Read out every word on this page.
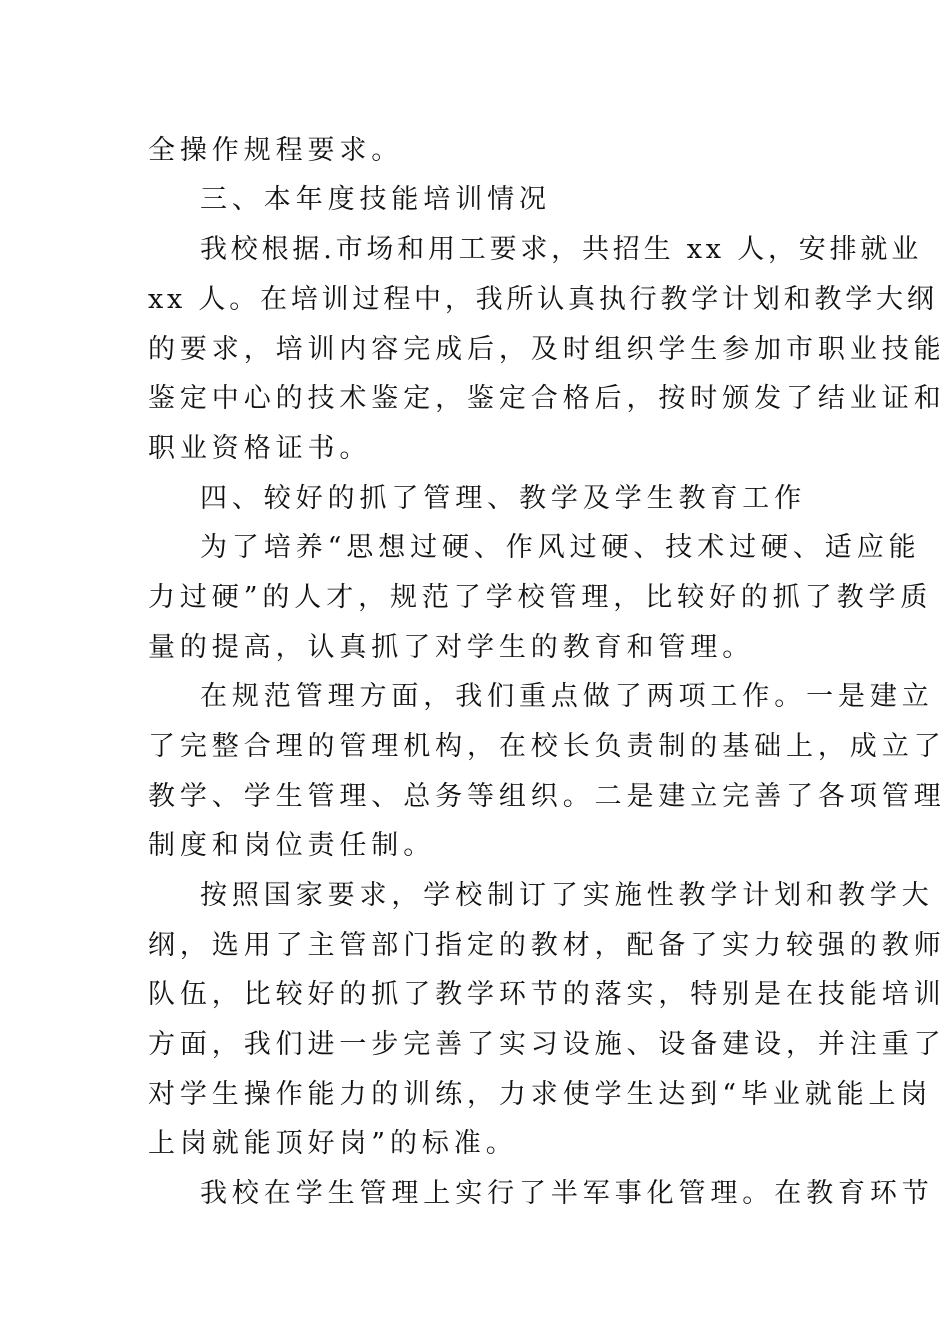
全操作规程要求。
三、本年度技能培训情况
我校根据.市场和用工要求，共招生 xx 人，安排就业
xx 人。在培训过程中，我所认真执行教学计划和教学大纲
的要求，培训内容完成后，及时组织学生参加市职业技能
鉴定中心的技术鉴定，鉴定合格后，按时颁发了结业证和
职业资格证书。
四、较好的抓了管理、教学及学生教育工作
为了培养“思想过硬、作风过硬、技术过硬、适应能
力过硬”的人才，规范了学校管理，比较好的抓了教学质
量的提高，认真抓了对学生的教育和管理。
在规范管理方面，我们重点做了两项工作。一是建立
了完整合理的管理机构，在校长负责制的基础上，成立了
教学、学生管理、总务等组织。二是建立完善了各项管理
制度和岗位责任制。
按照国家要求，学校制订了实施性教学计划和教学大
纲，选用了主管部门指定的教材，配备了实力较强的教师
队伍，比较好的抓了教学环节的落实，特别是在技能培训
方面，我们进一步完善了实习设施、设备建设，并注重了
对学生操作能力的训练，力求使学生达到“毕业就能上岗
上岗就能顶好岗”的标准。
我校在学生管理上实行了半军事化管理。在教育环节
